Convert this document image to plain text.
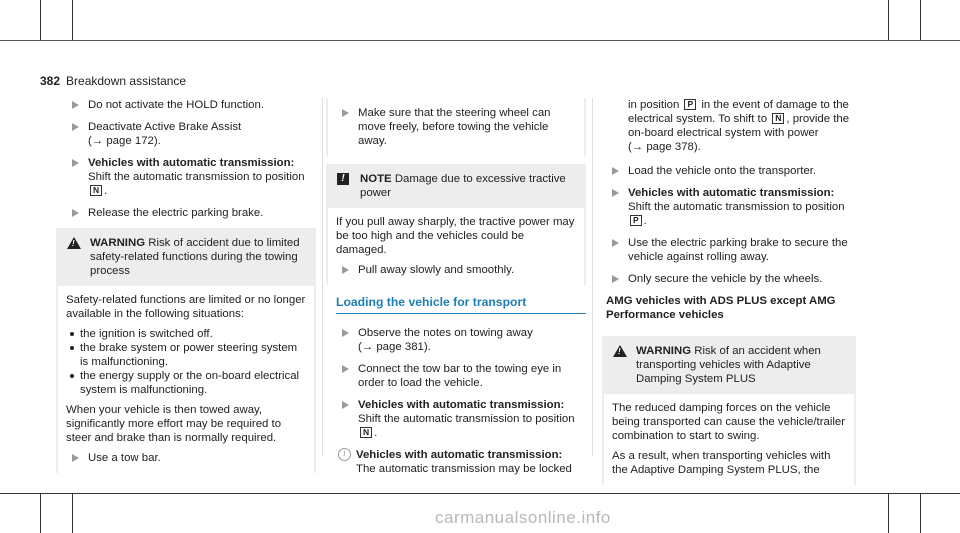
382 Breakdown assistance
Do not activate the HOLD function.
Deactivate Active Brake Assist
(→ page 172).
Vehicles with automatic transmission:
Shift the automatic transmission to position
N .
Release the electric parking brake.
! WARNING Risk of accident due to limited safety-related functions during the towing process

Safety-related functions are limited or no longer available in the following situations:

the ignition is switched off.
the brake system or power steering system is malfunctioning.
the energy supply or the on-board electrical system is malfunctioning.

When your vehicle is then towed away, significantly more effort may be required to steer and brake than is normally required.

Use a tow bar.
Make sure that the steering wheel can move freely, before towing the vehicle away.
!	NOTE Damage due to excessive tractive power

If you pull away sharply, the tractive power may be too high and the vehicles could be damaged.

Pull away slowly and smoothly.
Loading the vehicle for transport
Observe the notes on towing away
(→ page 381).
Connect the tow bar to the towing eye in order to load the vehicle.
Vehicles with automatic transmission:
Shift the automatic transmission to position
N .
i Vehicles with automatic transmission:
The automatic transmission may be locked
in position P in the event of damage to the electrical system. To shift to N , provide the on-board electrical system with power
(→ page 378).
Load the vehicle onto the transporter.
Vehicles with automatic transmission:
Shift the automatic transmission to position
P .
Use the electric parking brake to secure the vehicle against rolling away.
Only secure the vehicle by the wheels.
AMG vehicles with ADS PLUS except AMG Performance vehicles
! WARNING Risk of an accident when transporting vehicles with Adaptive Damping System PLUS

The reduced damping forces on the vehicle being transported can cause the vehicle/trailer combination to start to swing.

As a result, when transporting vehicles with the Adaptive Damping System PLUS, the

carmanualsonline.info
